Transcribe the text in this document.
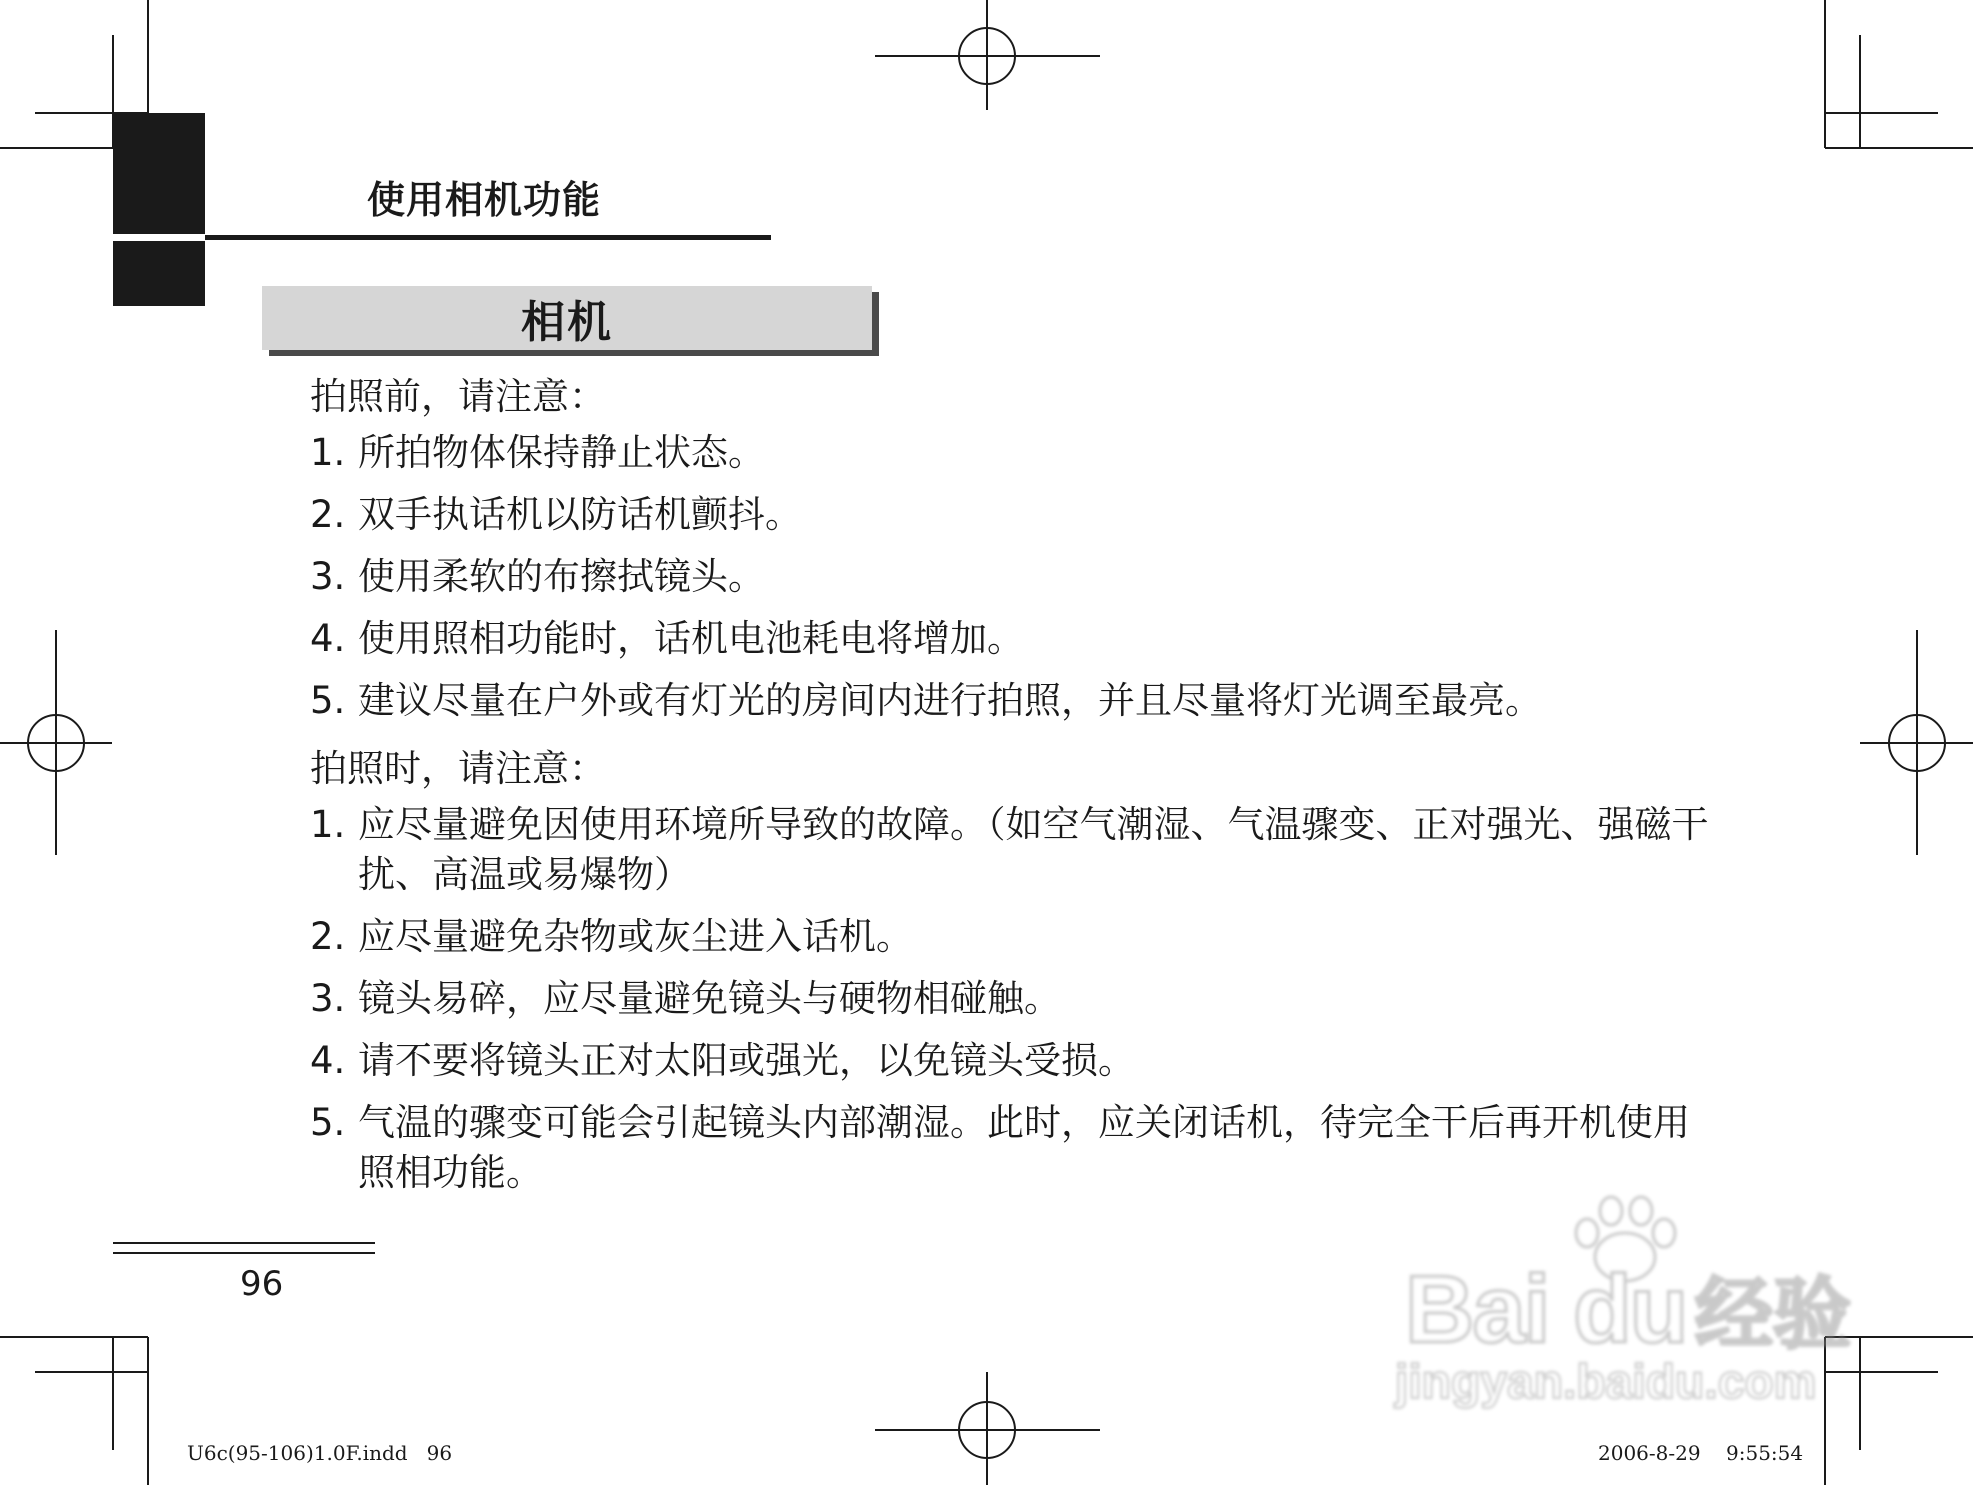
使用相机功能
相机
拍照前，请注意：
1. 所拍物体保持静止状态。
2. 双手执话机以防话机颤抖。
3. 使用柔软的布擦拭镜头。
4. 使用照相功能时，话机电池耗电将增加。
5. 建议尽量在户外或有灯光的房间内进行拍照，并且尽量将灯光调至最亮。
拍照时，请注意：
1. 应尽量避免因使用环境所导致的故障。（如空气潮湿、气温骤变、正对强光、强磁干扰、高温或易爆物）
2. 应尽量避免杂物或灰尘进入话机。
3. 镜头易碎，应尽量避免镜头与硬物相碰触。
4. 请不要将镜头正对太阳或强光，以免镜头受损。
5. 气温的骤变可能会引起镜头内部潮湿。此时，应关闭话机，待完全干后再开机使用照相功能。
96
U6c(95-106)1.0F.indd   96	2006-8-29    9:55:54
Bai du 经验
jingyan.baidu.com
